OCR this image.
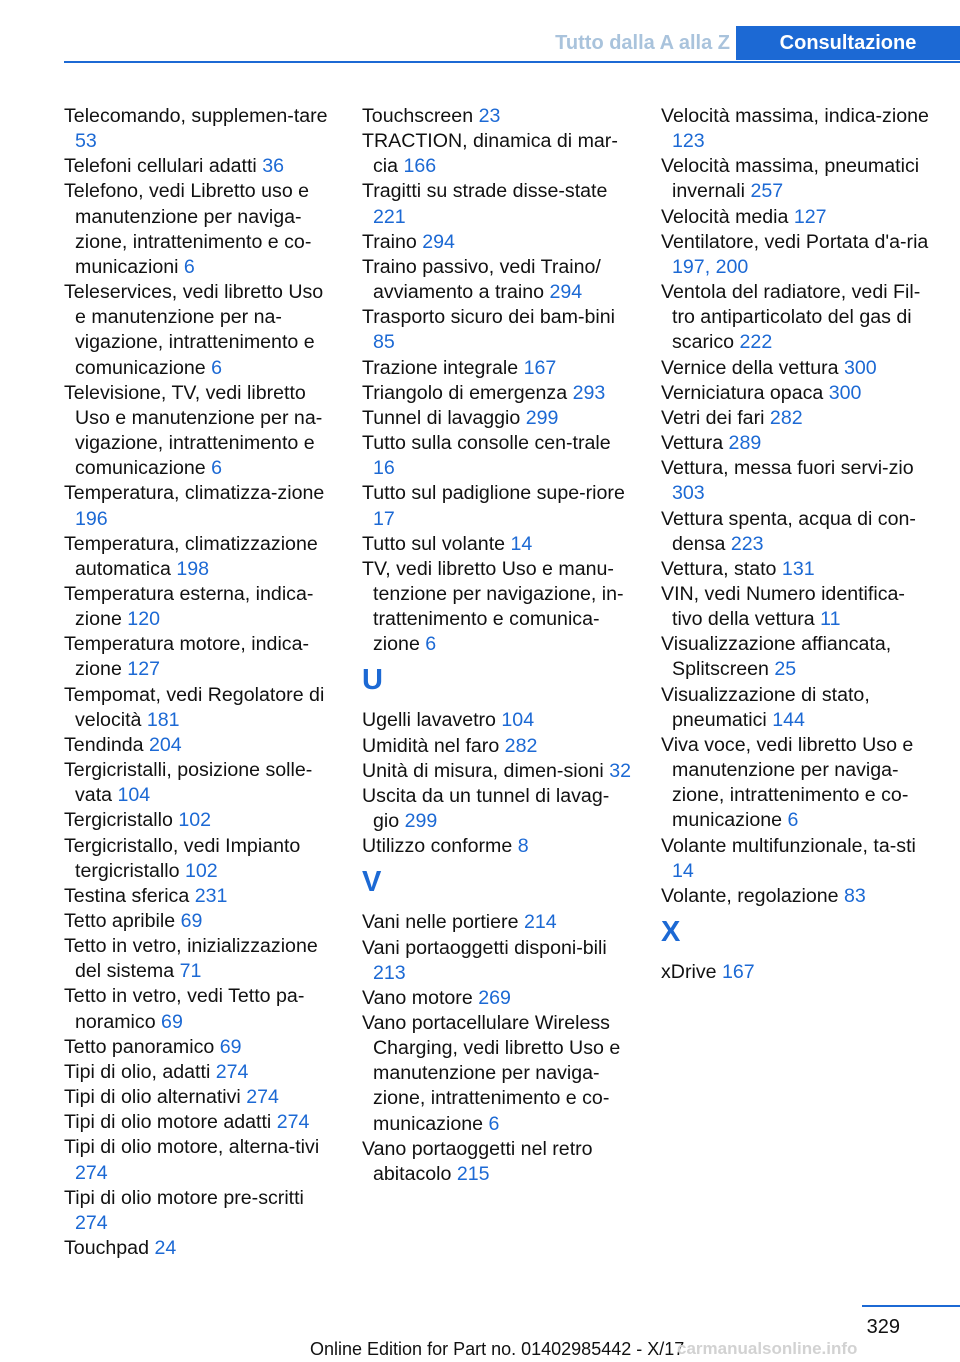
Tutto dalla A alla Z	Consultazione
Telecomando, supplemen-tare 53
Telefoni cellulari adatti 36
Telefono, vedi Libretto uso e manutenzione per naviga-zione, intrattenimento e co-municazioni 6
Teleservices, vedi libretto Uso e manutenzione per na-vigazione, intrattenimento e comunicazione 6
Televisione, TV, vedi libretto Uso e manutenzione per na-vigazione, intrattenimento e comunicazione 6
Temperatura, climatizza-zione 196
Temperatura, climatizzazione automatica 198
Temperatura esterna, indica-zione 120
Temperatura motore, indica-zione 127
Tempomat, vedi Regolatore di velocità 181
Tendinda 204
Tergicristalli, posizione solle-vata 104
Tergicristallo 102
Tergicristallo, vedi Impianto tergicristallo 102
Testina sferica 231
Tetto apribile 69
Tetto in vetro, inizializzazione del sistema 71
Tetto in vetro, vedi Tetto pa-noramico 69
Tetto panoramico 69
Tipi di olio, adatti 274
Tipi di olio alternativi 274
Tipi di olio motore adatti 274
Tipi di olio motore, alterna-tivi 274
Tipi di olio motore pre-scritti 274
Touchpad 24
Touchscreen 23
TRACTION, dinamica di mar-cia 166
Tragitti su strade disse-state 221
Traino 294
Traino passivo, vedi Traino/ avviamento a traino 294
Trasporto sicuro dei bam-bini 85
Trazione integrale 167
Triangolo di emergenza 293
Tunnel di lavaggio 299
Tutto sulla consolle cen-trale 16
Tutto sul padiglione supe-riore 17
Tutto sul volante 14
TV, vedi libretto Uso e manu-tenzione per navigazione, in-trattenimento e comunica-zione 6
U
Ugelli lavavetro 104
Umidità nel faro 282
Unità di misura, dimen-sioni 32
Uscita da un tunnel di lavag-gio 299
Utilizzo conforme 8
V
Vani nelle portiere 214
Vani portaoggetti disponi-bili 213
Vano motore 269
Vano portacellulare Wireless Charging, vedi libretto Uso e manutenzione per naviga-zione, intrattenimento e co-municazione 6
Vano portaoggetti nel retro abitacolo 215
Velocità massima, indica-zione 123
Velocità massima, pneumatici invernali 257
Velocità media 127
Ventilatore, vedi Portata d'a-ria 197, 200
Ventola del radiatore, vedi Fil-tro antiparticolato del gas di scarico 222
Vernice della vettura 300
Verniciatura opaca 300
Vetri dei fari 282
Vettura 289
Vettura, messa fuori servi-zio 303
Vettura spenta, acqua di con-densa 223
Vettura, stato 131
VIN, vedi Numero identifica-tivo della vettura 11
Visualizzazione affiancata, Splitscreen 25
Visualizzazione di stato, pneumatici 144
Viva voce, vedi libretto Uso e manutenzione per naviga-zione, intrattenimento e co-municazione 6
Volante multifunzionale, ta-sti 14
Volante, regolazione 83
X
xDrive 167
329
Online Edition for Part no. 01402985442 - X/17
carmanualsonline.info
